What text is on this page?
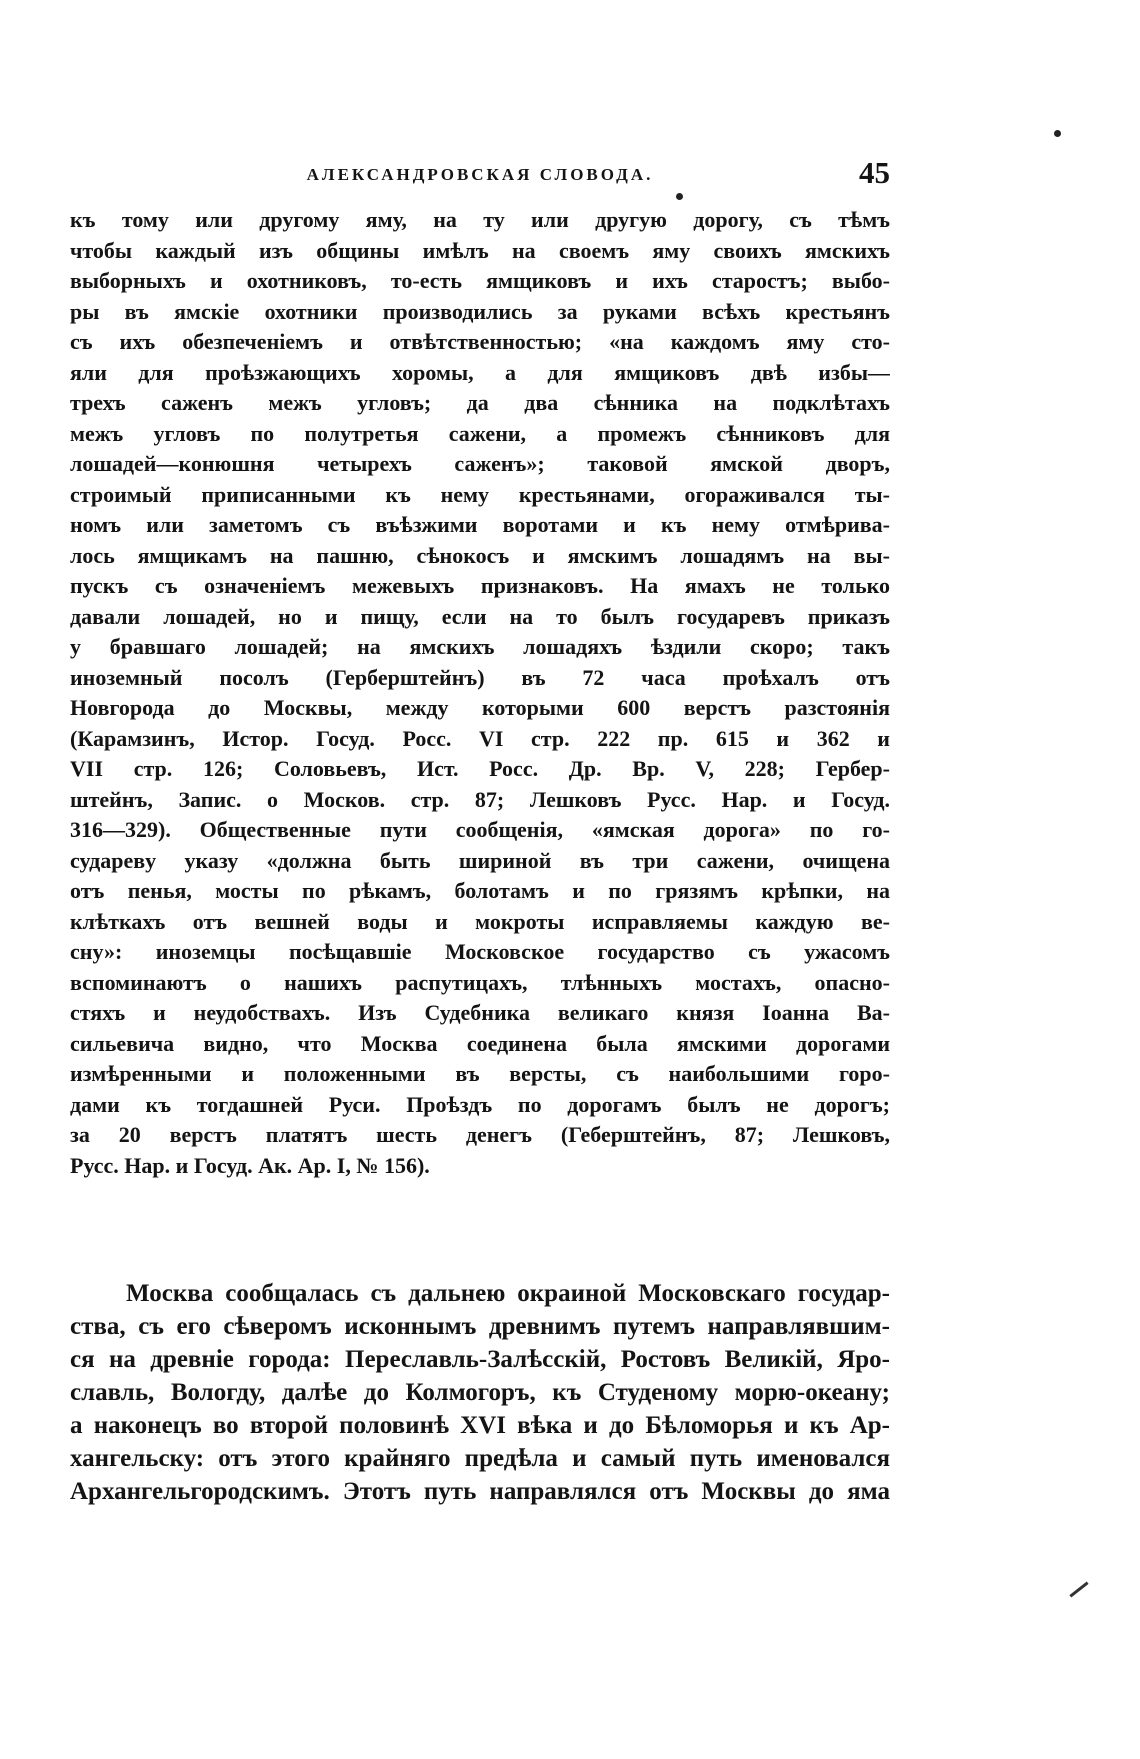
АЛЕКСАНДРОВСКАЯ СЛОВОДА.	45
къ тому или другому яму, на ту или другую дорогу, съ тѣмъ
чтобы каждый изъ общины имѣлъ на своемъ яму своихъ ямскихъ
выборныхъ и охотниковъ, то-есть ямщиковъ и ихъ старостъ; выбо-
ры въ ямскіе охотники производились за руками всѣхъ крестьянъ
съ ихъ обезпеченіемъ и отвѣтственностью; «на каждомъ яму сто-
яли для проѣзжающихъ хоромы, а для ямщиковъ двѣ избы—
трехъ саженъ межъ угловъ; да два сѣнника на подклѣтахъ
межъ угловъ по полутретья сажени, а промежъ сѣнниковъ для
лошадей—конюшня четырехъ саженъ»; таковой ямской дворъ,
строимый приписанными къ нему крестьянами, огораживался ты-
номъ или заметомъ съ въѣзжими воротами и къ нему отмѣрива-
лось ямщикамъ на пашню, сѣнокосъ и ямскимъ лошадямъ на вы-
пускъ съ означеніемъ межевыхъ признаковъ. На ямахъ не только
давали лошадей, но и пищу, если на то былъ государевъ приказъ
у бравшаго лошадей; на ямскихъ лошадяхъ ѣздили скоро; такъ
иноземный посолъ (Герберштейнъ) въ 72 часа проѣхалъ отъ
Новгорода до Москвы, между которыми 600 верстъ разстоянія
(Карамзинъ, Истор. Госуд. Росс. VI стр. 222 пр. 615 и 362 и
VII стр. 126; Соловьевъ, Ист. Росс. Др. Вр. V, 228; Гербер-
штейнъ, Запис. о Москов. стр. 87; Лешковъ Русс. Нар. и Госуд.
316—329). Общественные пути сообщенія, «ямская дорога» по го-
сударевy указу «должна быть шириной въ три сажени, очищена
отъ пенья, мосты по рѣкамъ, болотамъ и по грязямъ крѣпки, на
клѣткахъ отъ вешней воды и мокроты исправляемы каждую ве-
сну»: иноземцы посѣщавшіе Московское государство съ ужасомъ
вспоминаютъ о нашихъ распутицахъ, тлѣнныхъ мостахъ, опасно-
стяхъ и неудобствахъ. Изъ Судебника великаго князя Іоанна Ва-
сильевича видно, что Москва соединена была ямскими дорогами
измѣренными и положенными въ версты, съ наибольшими горо-
дами къ тогдашней Руси. Проѣздъ по дорогамъ былъ не дорогъ;
за 20 верстъ платятъ шесть денегъ (Геберштейнъ, 87; Лешковъ,
Русс. Нар. и Госуд. Ак. Ар. I, № 156).
Москва сообщалась съ дальнею окраиной Московскаго государ-
ства, съ его сѣверомъ исконнымъ древнимъ путемъ направлявшим-
ся на древніе города: Переславль-Залѣсскій, Ростовъ Великій, Яро-
славль, Вологду, далѣе до Колмогоръ, къ Студеному морю-океану;
а наконецъ во второй половинѣ XVI вѣка и до Бѣломорья и къ Ар-
хангельску: отъ этого крайняго предѣла и самый путь именовался
Архангельгородскимъ. Этотъ путь направлялся отъ Москвы до яма
